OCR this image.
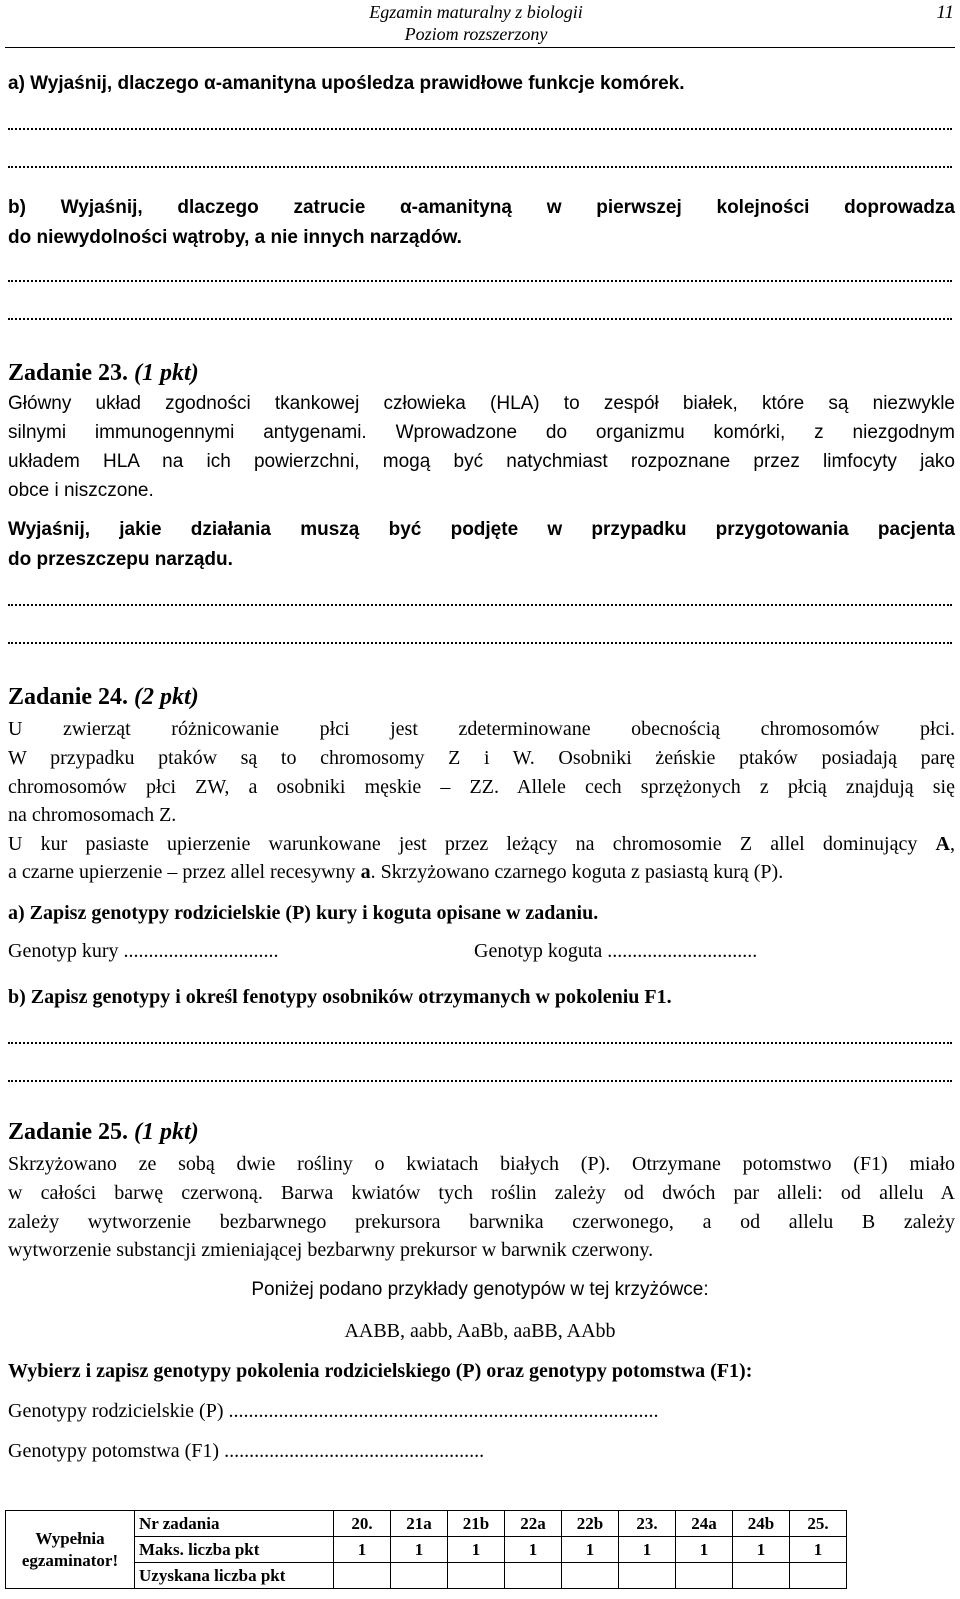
Egzamin maturalny z biologii
Poziom rozszerzony
11
a) Wyjaśnij, dlaczego α-amanityna upośledza prawidłowe funkcje komórek.
b) Wyjaśnij, dlaczego zatrucie α-amanityną w pierwszej kolejności doprowadza
do niewydolności wątroby, a nie innych narządów.
Zadanie 23. (1 pkt)
Główny układ zgodności tkankowej człowieka (HLA) to zespół białek, które są niezwykle
silnymi immunogennymi antygenami. Wprowadzone do organizmu komórki, z niezgodnym
układem HLA na ich powierzchni, mogą być natychmiast rozpoznane przez limfocyty jako
obce i niszczone.
Wyjaśnij, jakie działania muszą być podjęte w przypadku przygotowania pacjenta
do przeszczepu narządu.
Zadanie 24. (2 pkt)
U zwierząt różnicowanie płci jest zdeterminowane obecnością chromosomów płci.
W przypadku ptaków są to chromosomy Z i W. Osobniki żeńskie ptaków posiadają parę
chromosomów płci ZW, a osobniki męskie – ZZ. Allele cech sprzężonych z płcią znajdują się
na chromosomach Z.
U kur pasiaste upierzenie warunkowane jest przez leżący na chromosomie Z allel dominujący A,
a czarne upierzenie – przez allel recesywny a. Skrzyżowano czarnego koguta z pasiastą kurą (P).
a) Zapisz genotypy rodzicielskie (P) kury i koguta opisane w zadaniu.
Genotyp kury ...............................	Genotyp koguta ..............................
b) Zapisz genotypy i określ fenotypy osobników otrzymanych w pokoleniu F1.
Zadanie 25. (1 pkt)
Skrzyżowano ze sobą dwie rośliny o kwiatach białych (P). Otrzymane potomstwo (F1) miało
w całości barwę czerwoną. Barwa kwiatów tych roślin zależy od dwóch par alleli: od allelu A
zależy wytworzenie bezbarwnego prekursora barwnika czerwonego, a od allelu B zależy
wytworzenie substancji zmieniającej bezbarwny prekursor w barwnik czerwony.
Poniżej podano przykłady genotypów w tej krzyżówce:
AABB, aabb, AaBb, aaBB, AAbb
Wybierz i zapisz genotypy pokolenia rodzicielskiego (P) oraz genotypy potomstwa (F1):
Genotypy rodzicielskie (P) ......................................................................................
Genotypy potomstwa (F1) ....................................................
Wypełnia
egzaminator!	Nr zadania	20.	21a	21b	22a	22b	23.	24a	24b	25.
	Maks. liczba pkt	1	1	1	1	1	1	1	1	1
	Uzyskana liczba pkt									
